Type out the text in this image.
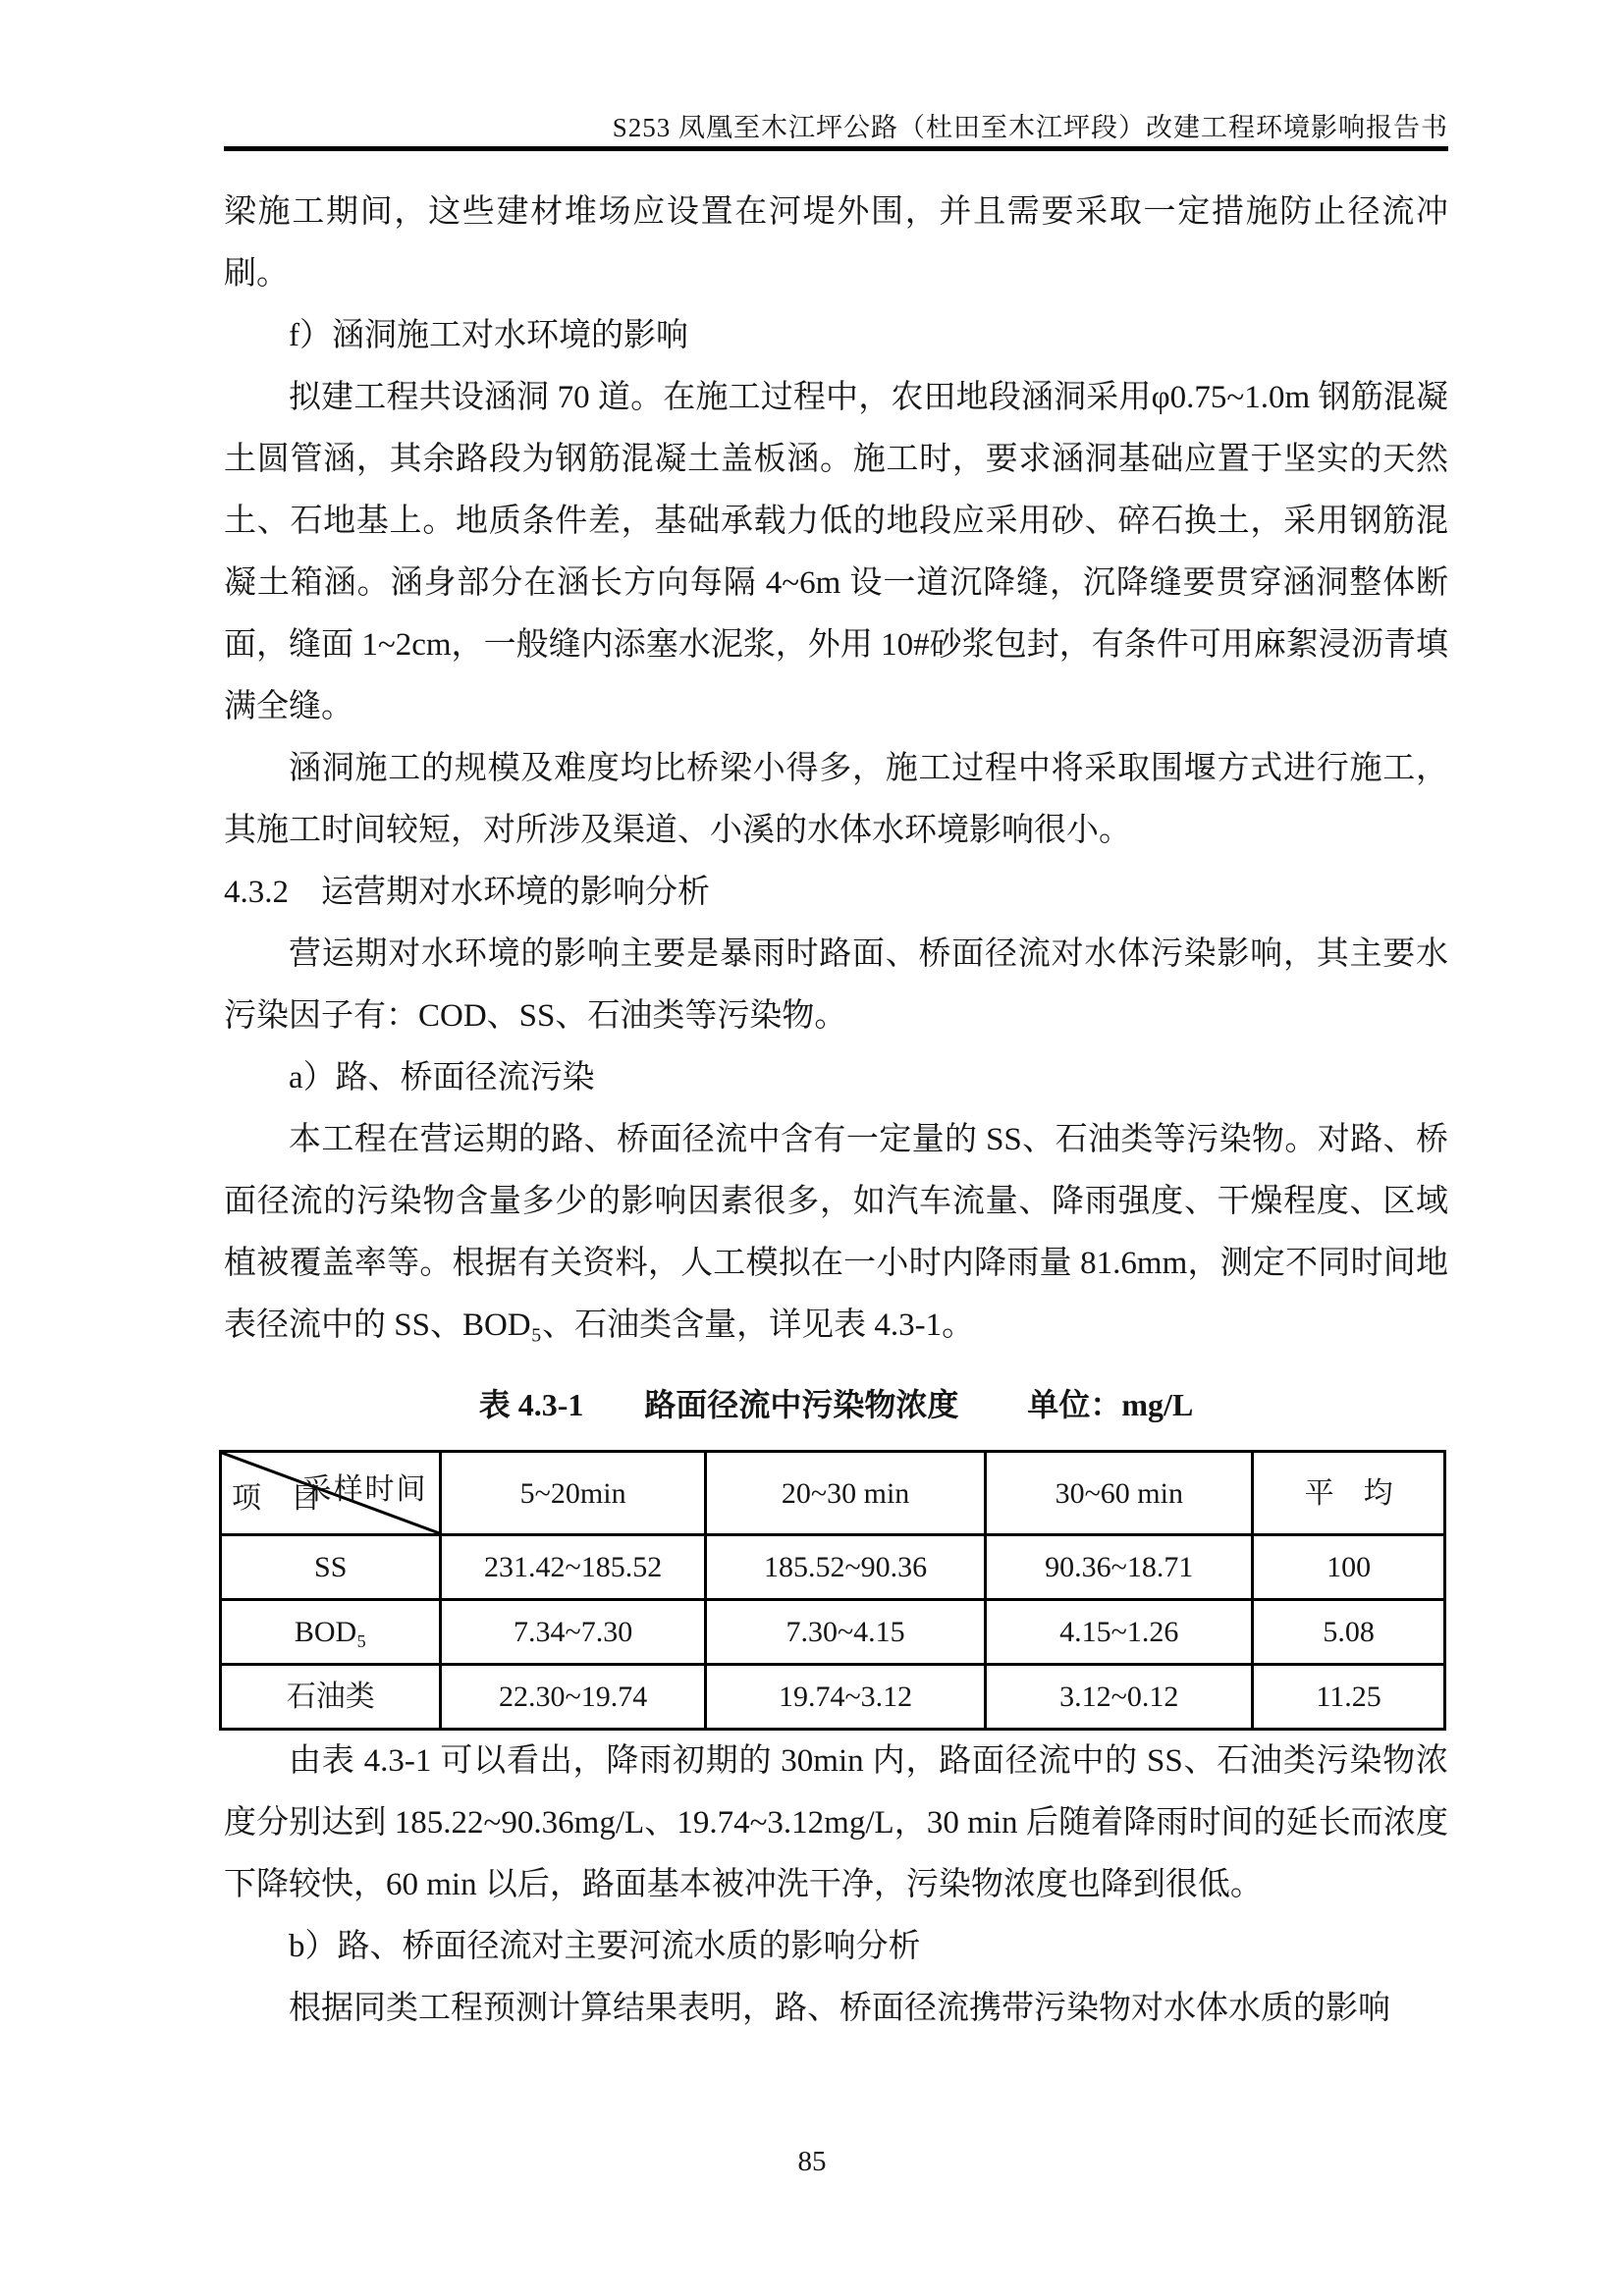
S253 凤凰至木江坪公路（杜田至木江坪段）改建工程环境影响报告书

梁施工期间，这些建材堆场应设置在河堤外围，并且需要采取一定措施防止径流冲刷。

f）涵洞施工对水环境的影响

拟建工程共设涵洞 70 道。在施工过程中，农田地段涵洞采用φ0.75~1.0m 钢筋混凝土圆管涵，其余路段为钢筋混凝土盖板涵。施工时，要求涵洞基础应置于坚实的天然土、石地基上。地质条件差，基础承载力低的地段应采用砂、碎石换土，采用钢筋混凝土箱涵。涵身部分在涵长方向每隔 4~6m 设一道沉降缝，沉降缝要贯穿涵洞整体断面，缝面 1~2cm，一般缝内添塞水泥浆，外用 10#砂浆包封，有条件可用麻絮浸沥青填满全缝。

涵洞施工的规模及难度均比桥梁小得多，施工过程中将采取围堰方式进行施工，其施工时间较短，对所涉及渠道、小溪的水体水环境影响很小。

4.3.2　运营期对水环境的影响分析

营运期对水环境的影响主要是暴雨时路面、桥面径流对水体污染影响，其主要水污染因子有：COD、SS、石油类等污染物。

a）路、桥面径流污染

本工程在营运期的路、桥面径流中含有一定量的 SS、石油类等污染物。对路、桥面径流的污染物含量多少的影响因素很多，如汽车流量、降雨强度、干燥程度、区域植被覆盖率等。根据有关资料，人工模拟在一小时内降雨量 81.6mm，测定不同时间地表径流中的 SS、BOD₅、石油类含量，详见表 4.3-1。

表 4.3-1 路面径流中污染物浓度 单位：mg/L
采样时间
项　目	5~20min	20~30 min	30~60 min	平　均
SS	231.42~185.52	185.52~90.36	90.36~18.71	100
BOD₅	7.34~7.30	7.30~4.15	4.15~1.26	5.08
石油类	22.30~19.74	19.74~3.12	3.12~0.12	11.25

由表 4.3-1 可以看出，降雨初期的 30min 内，路面径流中的 SS、石油类污染物浓度分别达到 185.22~90.36mg/L、19.74~3.12mg/L，30 min 后随着降雨时间的延长而浓度下降较快，60 min 以后，路面基本被冲洗干净，污染物浓度也降到很低。

b）路、桥面径流对主要河流水质的影响分析

根据同类工程预测计算结果表明，路、桥面径流携带污染物对水体水质的影响

85
